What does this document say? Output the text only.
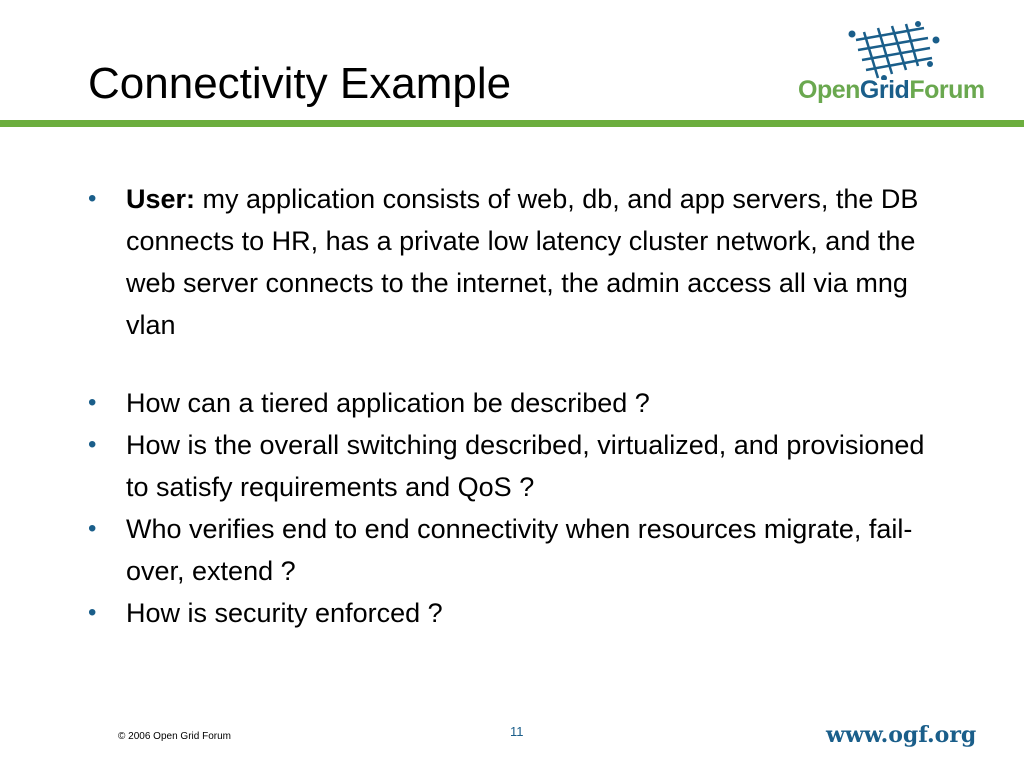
Connectivity Example	OpenGridForum
• User: my application consists of web, db, and app servers, the DB connects to HR, has a private low latency cluster network, and the web server connects to the internet, the admin access all via mng vlan
• How can a tiered application be described ?
• How is the overall switching described, virtualized, and provisioned to satisfy requirements and QoS ?
• Who verifies end to end connectivity when resources migrate, fail-over, extend ?
• How is security enforced ?
© 2006 Open Grid Forum	11	www.ogf.org
